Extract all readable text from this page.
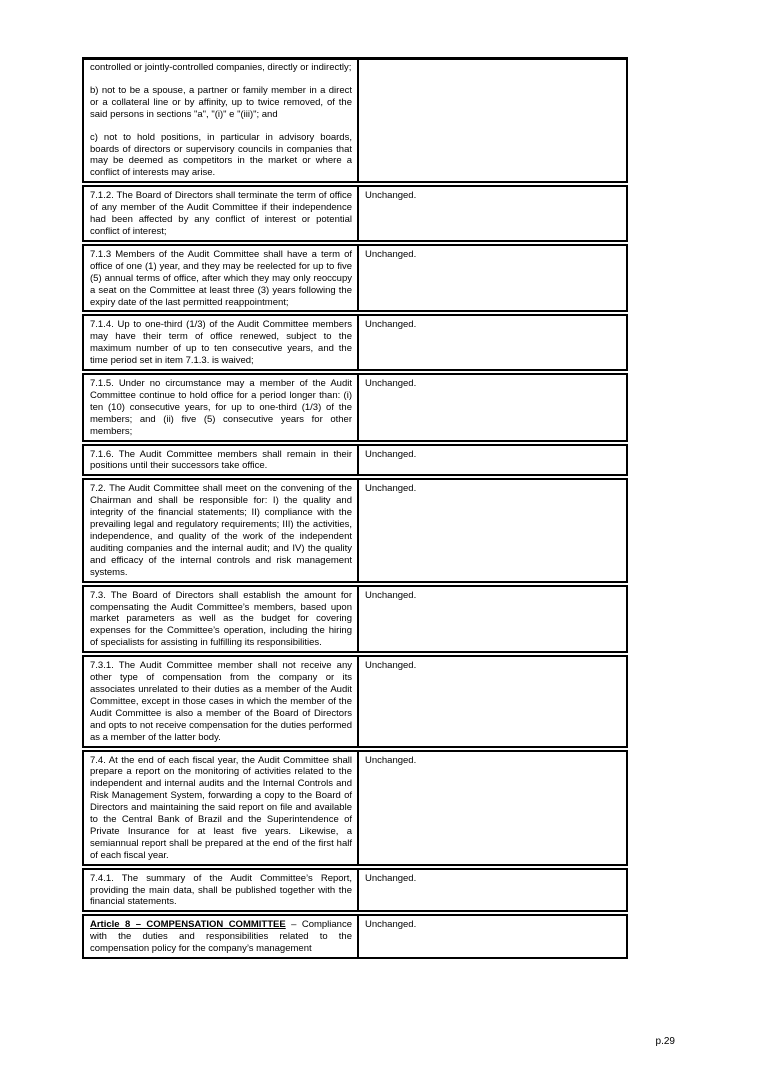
controlled or jointly-controlled companies, directly or indirectly;

b) not to be a spouse, a partner or family member in a direct or a collateral line or by affinity, up to twice removed, of the said persons in sections "a", "(i)" e "(iii)"; and

c) not to hold positions, in particular in advisory boards, boards of directors or supervisory councils in companies that may be deemed as competitors in the market or where a conflict of interests may arise.	

7.1.2. The Board of Directors shall terminate the term of office of any member of the Audit Committee if their independence had been affected by any conflict of interest or potential conflict of interest;	Unchanged.
7.1.3 Members of the Audit Committee shall have a term of office of one (1) year, and they may be reelected for up to five (5) annual terms of office, after which they may only reoccupy a seat on the Committee at least three (3) years following the expiry date of the last permitted reappointment;	Unchanged.
7.1.4. Up to one-third (1/3) of the Audit Committee members may have their term of office renewed, subject to the maximum number of up to ten consecutive years, and the time period set in item 7.1.3. is waived;	Unchanged.
7.1.5. Under no circumstance may a member of the Audit Committee continue to hold office for a period longer than: (i) ten (10) consecutive years, for up to one-third (1/3) of the members; and (ii) five (5) consecutive years for other members;	Unchanged.
7.1.6. The Audit Committee members shall remain in their positions until their successors take office.	Unchanged.
7.2. The Audit Committee shall meet on the convening of the Chairman and shall be responsible for: I) the quality and integrity of the financial statements; II) compliance with the prevailing legal and regulatory requirements; III) the activities, independence, and quality of the work of the independent auditing companies and the internal audit; and IV) the quality and efficacy of the internal controls and risk management systems.	Unchanged.
7.3. The Board of Directors shall establish the amount for compensating the Audit Committee’s members, based upon market parameters as well as the budget for covering expenses for the Committee’s operation, including the hiring of specialists for assisting in fulfilling its responsibilities.	Unchanged.
7.3.1. The Audit Committee member shall not receive any other type of compensation from the company or its associates unrelated to their duties as a member of the Audit Committee, except in those cases in which the member of the Audit Committee is also a member of the Board of Directors and opts to not receive compensation for the duties performed as a member of the latter body.	Unchanged.
7.4. At the end of each fiscal year, the Audit Committee shall prepare a report on the monitoring of activities related to the independent and internal audits and the Internal Controls and Risk Management System, forwarding a copy to the Board of Directors and maintaining the said report on file and available to the Central Bank of Brazil and the Superintendence of Private Insurance for at least five years. Likewise, a semiannual report shall be prepared at the end of the first half of each fiscal year.	Unchanged.
7.4.1. The summary of the Audit Committee’s Report, providing the main data, shall be published together with the financial statements.	Unchanged.
Article 8 – COMPENSATION COMMITTEE – Compliance with the duties and responsibilities related to the compensation policy for the company’s management	Unchanged.
p.29
